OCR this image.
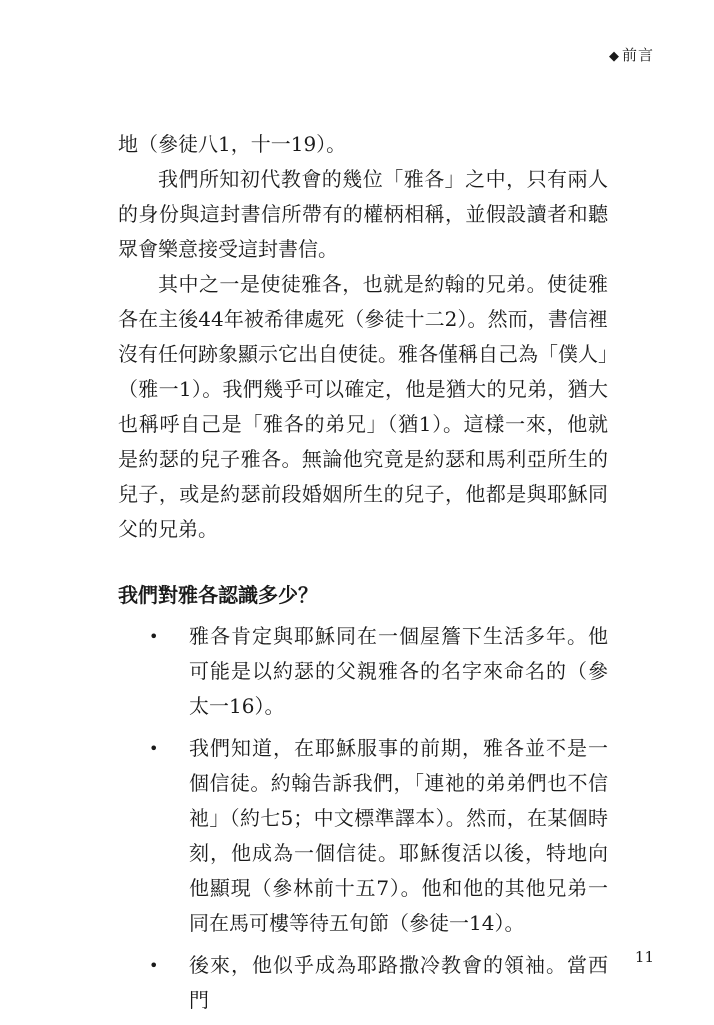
◆ 前言

地（參徒八1，十一19）。

我們所知初代教會的幾位「雅各」之中，只有兩人的身份與這封書信所帶有的權柄相稱，並假設讀者和聽眾會樂意接受這封書信。

其中之一是使徒雅各，也就是約翰的兄弟。使徒雅各在主後44年被希律處死（參徒十二2）。然而，書信裡沒有任何跡象顯示它出自使徒。雅各僅稱自己為「僕人」（雅一1）。我們幾乎可以確定，他是猶大的兄弟，猶大也稱呼自己是「雅各的弟兄」（猶1）。這樣一來，他就是約瑟的兒子雅各。無論他究竟是約瑟和馬利亞所生的兒子，或是約瑟前段婚姻所生的兒子，他都是與耶穌同父的兄弟。

我們對雅各認識多少？
• 雅各肯定與耶穌同在一個屋簷下生活多年。他可能是以約瑟的父親雅各的名字來命名的（參太一16）。
• 我們知道，在耶穌服事的前期，雅各並不是一個信徒。約翰告訴我們，「連祂的弟弟們也不信祂」（約七5；中文標準譯本）。然而，在某個時刻，他成為一個信徒。耶穌復活以後，特地向他顯現（參林前十五7）。他和他的其他兄弟一同在馬可樓等待五旬節（參徒一14）。
• 後來，他似乎成為耶路撒冷教會的領袖。當西門
11
